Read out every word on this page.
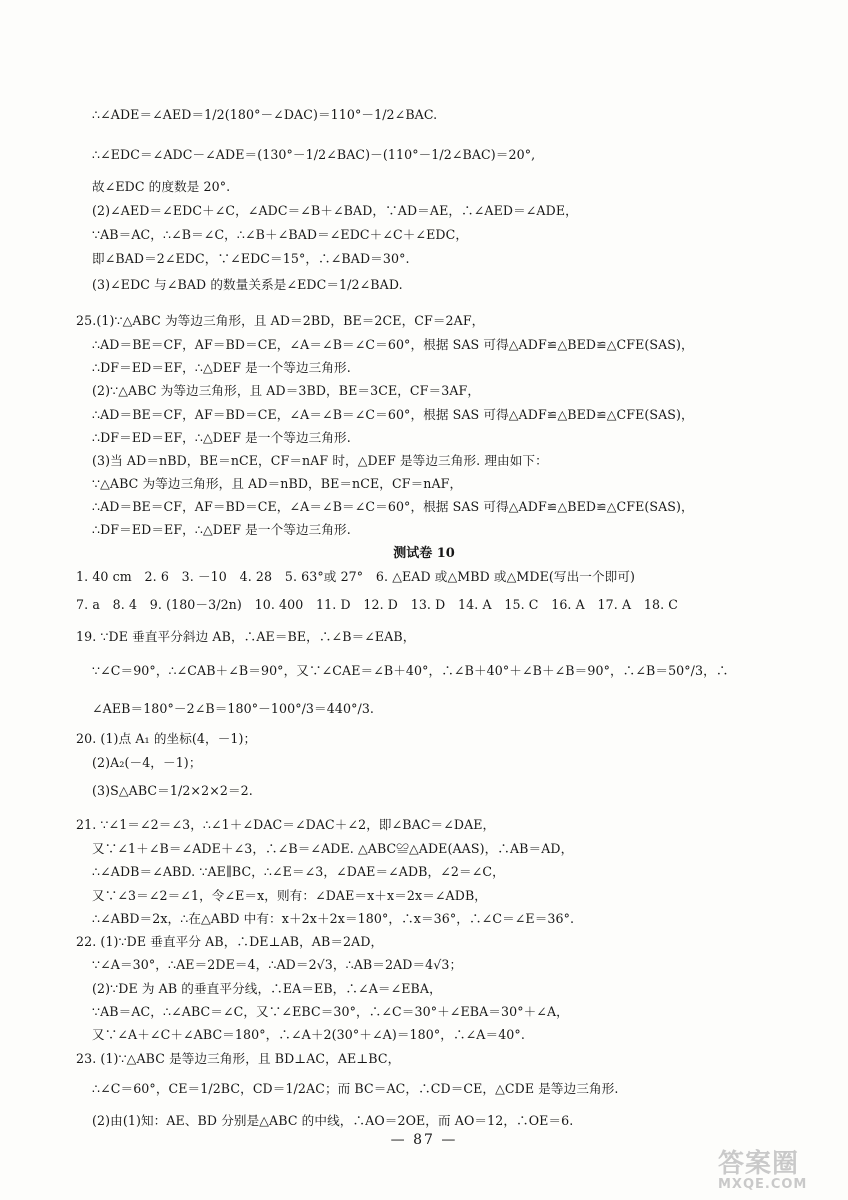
∴∠ADE＝∠AED＝1/2(180°－∠DAC)＝110°－1/2∠BAC.
∴∠EDC＝∠ADC－∠ADE＝(130°－1/2∠BAC)－(110°－1/2∠BAC)＝20°,
故∠EDC 的度数是 20°.
(2)∠AED＝∠EDC＋∠C，∠ADC＝∠B＋∠BAD，∵AD＝AE，∴∠AED＝∠ADE，
∵AB＝AC，∴∠B＝∠C，∴∠B＋∠BAD＝∠EDC＋∠C＋∠EDC，
即∠BAD＝2∠EDC，∵∠EDC＝15°，∴∠BAD＝30°.
(3)∠EDC 与∠BAD 的数量关系是∠EDC＝1/2∠BAD.
25.(1)∵△ABC 为等边三角形，且 AD＝2BD，BE＝2CE，CF＝2AF，
∴AD＝BE＝CF，AF＝BD＝CE，∠A＝∠B＝∠C＝60°，根据 SAS 可得△ADF≌△BED≌△CFE(SAS)，
∴DF＝ED＝EF，∴△DEF 是一个等边三角形.
(2)∵△ABC 为等边三角形，且 AD＝3BD，BE＝3CE，CF＝3AF，
∴AD＝BE＝CF，AF＝BD＝CE，∠A＝∠B＝∠C＝60°，根据 SAS 可得△ADF≌△BED≌△CFE(SAS)，
∴DF＝ED＝EF，∴△DEF 是一个等边三角形.
(3)当 AD＝nBD，BE＝nCE，CF＝nAF 时，△DEF 是等边三角形. 理由如下：
∵△ABC 为等边三角形，且 AD＝nBD，BE＝nCE，CF＝nAF，
∴AD＝BE＝CF，AF＝BD＝CE，∠A＝∠B＝∠C＝60°，根据 SAS 可得△ADF≌△BED≌△CFE(SAS)，
∴DF＝ED＝EF，∴△DEF 是一个等边三角形.
测试卷 10
1. 40 cm　2. 6　3. －10　4. 28　5. 63°或 27°　6. △EAD 或△MBD 或△MDE(写出一个即可)
7. a　8. 4　9. (180－3/2n)　10. 400　11. D　12. D　13. D　14. A　15. C　16. A　17. A　18. C
19. ∵DE 垂直平分斜边 AB，∴AE＝BE，∴∠B＝∠EAB，
∵∠C＝90°，∴∠CAB＋∠B＝90°，又∵∠CAE＝∠B＋40°，∴∠B＋40°＋∠B＋∠B＝90°，∴∠B＝50°/3，∴
∠AEB＝180°－2∠B＝180°－100°/3＝440°/3.
20. (1)点 A₁ 的坐标(4，－1)；
(2)A₂(－4，－1)；
(3)S△ABC＝1/2×2×2＝2.
21. ∵∠1＝∠2＝∠3，∴∠1＋∠DAC＝∠DAC＋∠2，即∠BAC＝∠DAE，
又∵∠1＋∠B＝∠ADE＋∠3，∴∠B＝∠ADE. △ABC≌△ADE(AAS)，∴AB＝AD，
∴∠ADB＝∠ABD. ∵AE∥BC，∴∠E＝∠3，∠DAE＝∠ADB，∠2＝∠C，
又∵∠3＝∠2＝∠1，令∠E＝x，则有：∠DAE＝x＋x＝2x＝∠ADB，
∴∠ABD＝2x，∴在△ABD 中有：x＋2x＋2x＝180°，∴x＝36°，∴∠C＝∠E＝36°.
22. (1)∵DE 垂直平分 AB，∴DE⊥AB，AB＝2AD，
∵∠A＝30°，∴AE＝2DE＝4，∴AD＝2√3，∴AB＝2AD＝4√3；
(2)∵DE 为 AB 的垂直平分线，∴EA＝EB，∴∠A＝∠EBA，
∵AB＝AC，∴∠ABC＝∠C，又∵∠EBC＝30°，∴∠C＝30°＋∠EBA＝30°＋∠A，
又∵∠A＋∠C＋∠ABC＝180°，∴∠A＋2(30°＋∠A)＝180°，∴∠A＝40°.
23. (1)∵△ABC 是等边三角形，且 BD⊥AC，AE⊥BC，
∴∠C＝60°，CE＝1/2BC，CD＝1/2AC；而 BC＝AC，∴CD＝CE，△CDE 是等边三角形.
(2)由(1)知：AE、BD 分别是△ABC 的中线，∴AO＝2OE，而 AO＝12，∴OE＝6.
— 87 —
答案圈
MXQE.COM
